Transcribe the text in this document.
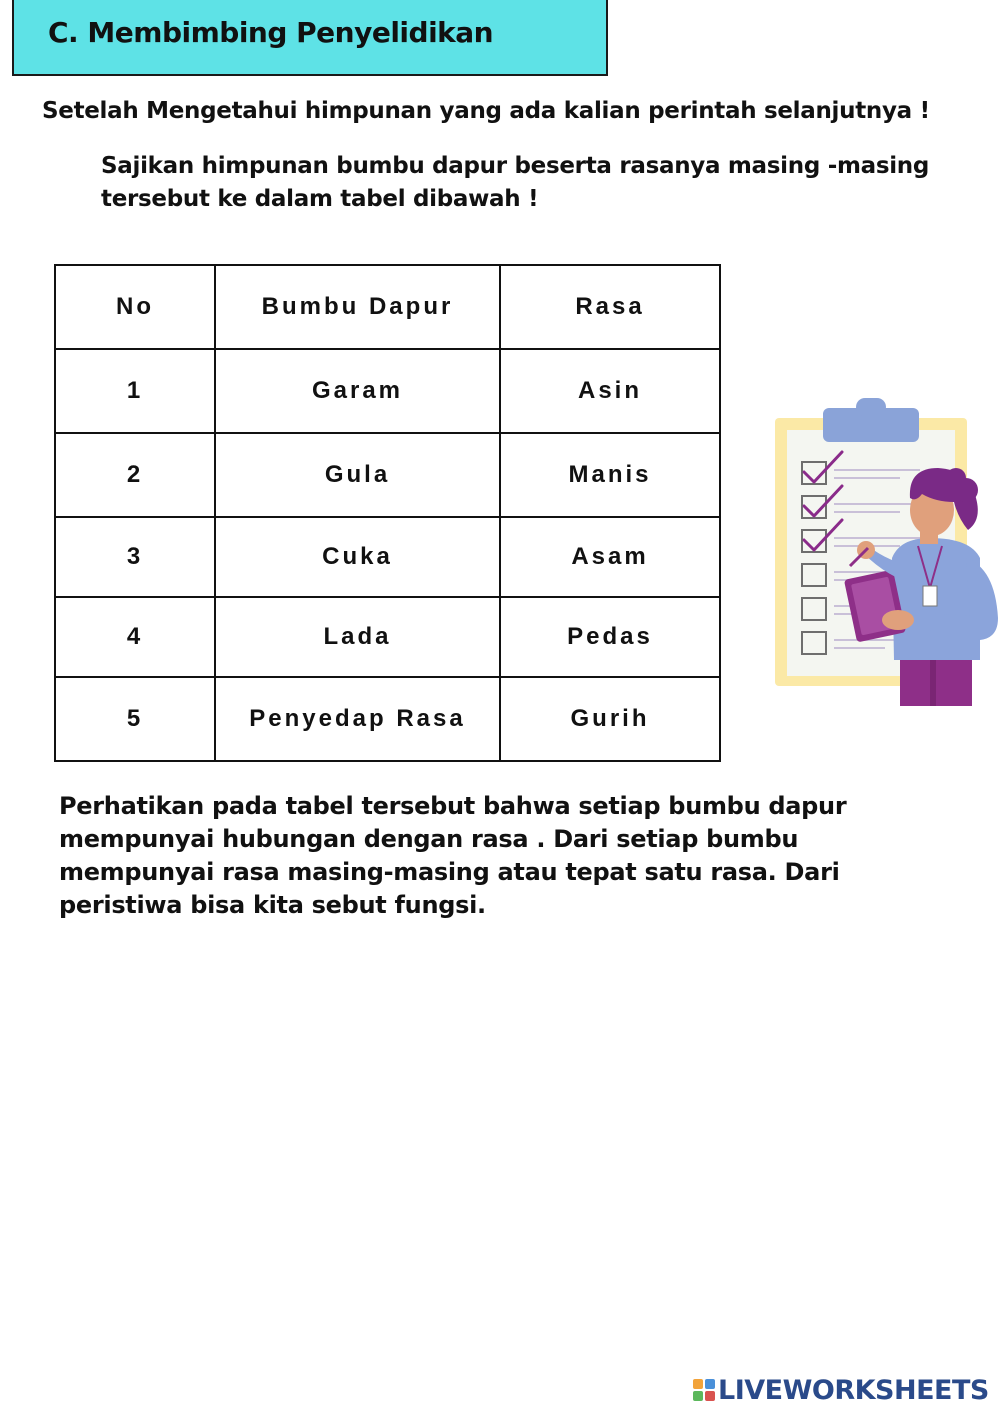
C. Membimbing Penyelidikan
Setelah Mengetahui himpunan yang ada kalian perintah selanjutnya !
Sajikan himpunan bumbu dapur beserta rasanya masing -masing tersebut ke dalam tabel dibawah !
No	Bumbu Dapur	Rasa
1	Garam	Asin
2	Gula	Manis
3	Cuka	Asam
4	Lada	Pedas
5	Penyedap Rasa	Gurih
Perhatikan pada tabel tersebut bahwa setiap bumbu dapur mempunyai hubungan dengan rasa . Dari setiap bumbu mempunyai rasa masing-masing atau tepat satu rasa. Dari peristiwa bisa kita sebut fungsi.
LIVEWORKSHEETS
